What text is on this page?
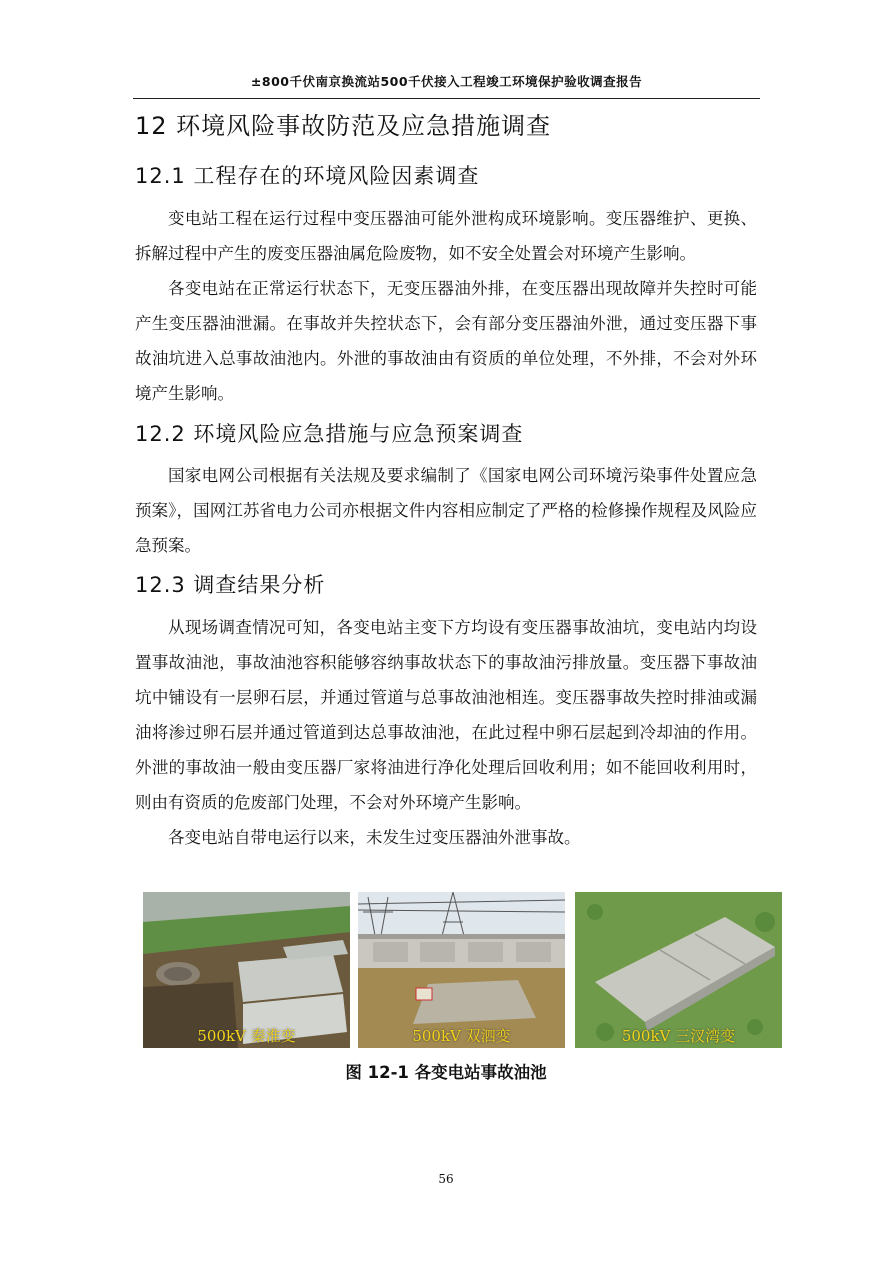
±800千伏南京换流站500千伏接入工程竣工环境保护验收调查报告
12 环境风险事故防范及应急措施调查
12.1 工程存在的环境风险因素调查

变电站工程在运行过程中变压器油可能外泄构成环境影响。变压器维护、更换、拆解过程中产生的废变压器油属危险废物，如不安全处置会对环境产生影响。

各变电站在正常运行状态下，无变压器油外排，在变压器出现故障并失控时可能产生变压器油泄漏。在事故并失控状态下，会有部分变压器油外泄，通过变压器下事故油坑进入总事故油池内。外泄的事故油由有资质的单位处理，不外排，不会对外环境产生影响。

12.2 环境风险应急措施与应急预案调查

国家电网公司根据有关法规及要求编制了《国家电网公司环境污染事件处置应急预案》，国网江苏省电力公司亦根据文件内容相应制定了严格的检修操作规程及风险应急预案。

12.3 调查结果分析

从现场调查情况可知，各变电站主变下方均设有变压器事故油坑，变电站内均设置事故油池，事故油池容积能够容纳事故状态下的事故油污排放量。变压器下事故油坑中铺设有一层卵石层，并通过管道与总事故油池相连。变压器事故失控时排油或漏油将渗过卵石层并通过管道到达总事故油池，在此过程中卵石层起到冷却油的作用。外泄的事故油一般由变压器厂家将油进行净化处理后回收利用；如不能回收利用时，则由有资质的危废部门处理，不会对外环境产生影响。

各变电站自带电运行以来，未发生过变压器油外泄事故。

500kV 秦淮变	500kV 双泗变	500kV 三汊湾变
图 12-1 各变电站事故油池
56
